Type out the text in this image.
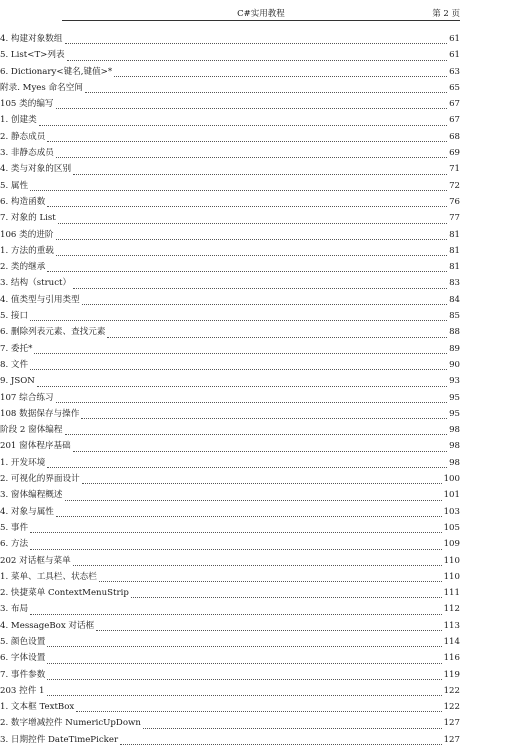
C#实用教程	第 2 页
4. 构建对象数组	61
5. List<T>列表	61
6. Dictionary<键名,键值>*	63
附录. Myes 命名空间	65
105 类的编写	67
1. 创建类	67
2. 静态成员	68
3. 非静态成员	69
4. 类与对象的区别	71
5. 属性	72
6. 构造函数	76
7. 对象的 List	77
106 类的进阶	81
1. 方法的重载	81
2. 类的继承	81
3. 结构（struct）	83
4. 值类型与引用类型	84
5. 接口	85
6. 删除列表元素、查找元素	88
7. 委托*	89
8. 文件	90
9. JSON	93
107 综合练习	95
108 数据保存与操作	95
阶段 2 窗体编程	98
201 窗体程序基础	98
1. 开发环境	98
2. 可视化的界面设计	100
3. 窗体编程概述	101
4. 对象与属性	103
5. 事件	105
6. 方法	109
202 对话框与菜单	110
1. 菜单、工具栏、状态栏	110
2. 快捷菜单 ContextMenuStrip	111
3. 布局	112
4. MessageBox 对话框	113
5. 颜色设置	114
6. 字体设置	116
7. 事件参数	119
203 控件 1	122
1. 文本框 TextBox	122
2. 数字增减控件 NumericUpDown	127
3. 日期控件 DateTimePicker	127
